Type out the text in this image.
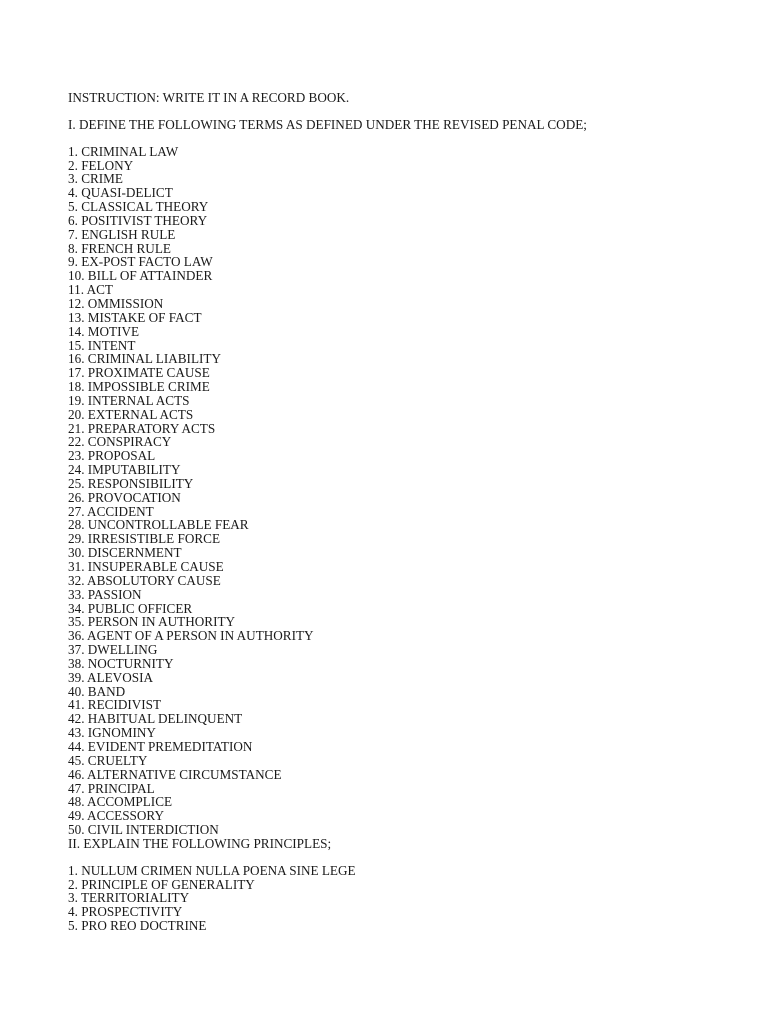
INSTRUCTION: WRITE IT IN A RECORD BOOK.

I. DEFINE THE FOLLOWING TERMS AS DEFINED UNDER THE REVISED PENAL CODE;

1. CRIMINAL LAW
2. FELONY
3. CRIME
4. QUASI-DELICT
5. CLASSICAL THEORY
6. POSITIVIST THEORY
7. ENGLISH RULE
8. FRENCH RULE
9. EX-POST FACTO LAW
10. BILL OF ATTAINDER
11. ACT
12. OMMISSION
13. MISTAKE OF FACT
14. MOTIVE
15. INTENT
16. CRIMINAL LIABILITY
17. PROXIMATE CAUSE
18. IMPOSSIBLE CRIME
19. INTERNAL ACTS
20. EXTERNAL ACTS
21. PREPARATORY ACTS
22. CONSPIRACY
23. PROPOSAL
24. IMPUTABILITY
25. RESPONSIBILITY
26. PROVOCATION
27. ACCIDENT
28. UNCONTROLLABLE FEAR
29. IRRESISTIBLE FORCE
30. DISCERNMENT
31. INSUPERABLE CAUSE
32. ABSOLUTORY CAUSE
33. PASSION
34. PUBLIC OFFICER
35. PERSON IN AUTHORITY
36. AGENT OF A PERSON IN AUTHORITY
37. DWELLING
38. NOCTURNITY
39. ALEVOSIA
40. BAND
41. RECIDIVIST
42. HABITUAL DELINQUENT
43. IGNOMINY
44. EVIDENT PREMEDITATION
45. CRUELTY
46. ALTERNATIVE CIRCUMSTANCE
47. PRINCIPAL
48. ACCOMPLICE
49. ACCESSORY
50. CIVIL INTERDICTION

II. EXPLAIN THE FOLLOWING PRINCIPLES;

1. NULLUM CRIMEN NULLA POENA SINE LEGE
2. PRINCIPLE OF GENERALITY
3. TERRITORIALITY
4. PROSPECTIVITY
5. PRO REO DOCTRINE
